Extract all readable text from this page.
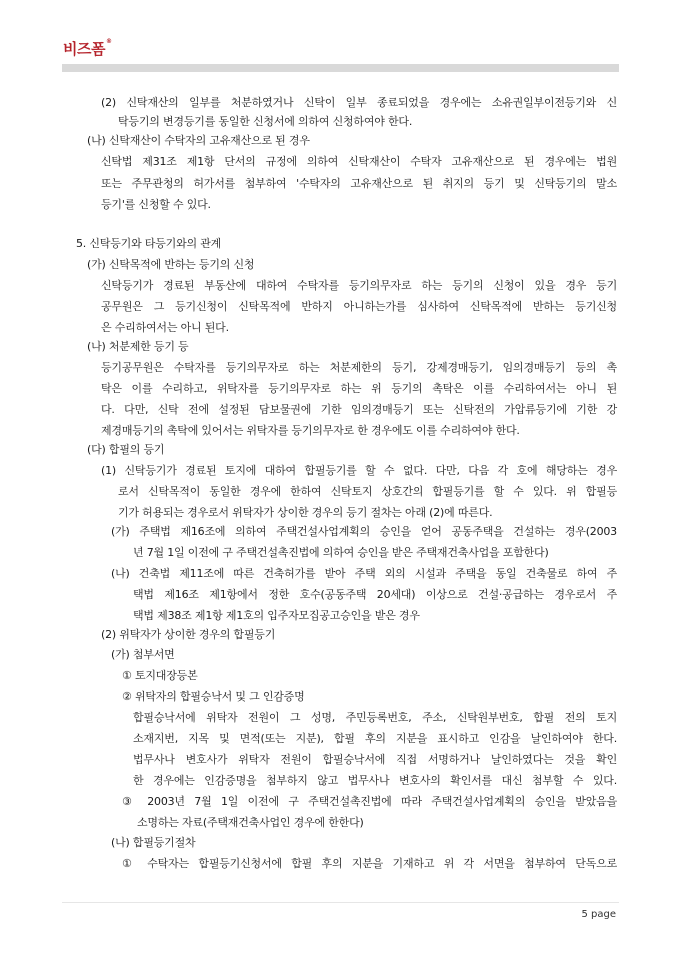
비즈폼®
(2) 신탁재산의 일부를 처분하였거나 신탁이 일부 종료되었을 경우에는 소유권일부이전등기와 신
탁등기의 변경등기를 동일한 신청서에 의하여 신청하여야 한다.
(나) 신탁재산이 수탁자의 고유재산으로 된 경우
신탁법 제31조 제1항 단서의 규정에 의하여 신탁재산이 수탁자 고유재산으로 된 경우에는 법원
또는 주무관청의 허가서를 첨부하여 '수탁자의 고유재산으로 된 취지의 등기 및 신탁등기의 말소
등기'를 신청할 수 있다.
5. 신탁등기와 타등기와의 관계
(가) 신탁목적에 반하는 등기의 신청
신탁등기가 경료된 부동산에 대하여 수탁자를 등기의무자로 하는 등기의 신청이 있을 경우 등기
공무원은 그 등기신청이 신탁목적에 반하지 아니하는가를 심사하여 신탁목적에 반하는 등기신청
은 수리하여서는 아니 된다.
(나) 처분제한 등기 등
등기공무원은 수탁자를 등기의무자로 하는 처분제한의 등기, 강제경매등기, 임의경매등기 등의 촉
탁은 이를 수리하고, 위탁자를 등기의무자로 하는 위 등기의 촉탁은 이를 수리하여서는 아니 된
다. 다만, 신탁 전에 설정된 담보물권에 기한 임의경매등기 또는 신탁전의 가압류등기에 기한 강
제경매등기의 촉탁에 있어서는 위탁자를 등기의무자로 한 경우에도 이를 수리하여야 한다.
(다) 합필의 등기
(1) 신탁등기가 경료된 토지에 대하여 합필등기를 할 수 없다. 다만, 다음 각 호에 해당하는 경우
로서 신탁목적이 동일한 경우에 한하여 신탁토지 상호간의 합필등기를 할 수 있다. 위 합필등
기가 허용되는 경우로서 위탁자가 상이한 경우의 등기 절차는 아래 (2)에 따른다.
(가) 주택법 제16조에 의하여 주택건설사업계획의 승인을 얻어 공동주택을 건설하는 경우(2003
년 7월 1일 이전에 구 주택건설촉진법에 의하여 승인을 받은 주택재건축사업을 포함한다)
(나) 건축법 제11조에 따른 건축허가를 받아 주택 외의 시설과 주택을 동일 건축물로 하여 주
택법 제16조 제1항에서 정한 호수(공동주택 20세대) 이상으로 건설·공급하는 경우로서 주
택법 제38조 제1항 제1호의 입주자모집공고승인을 받은 경우
(2) 위탁자가 상이한 경우의 합필등기
(가) 첨부서면
① 토지대장등본
② 위탁자의 합필승낙서 및 그 인감증명
합필승낙서에 위탁자 전원이 그 성명, 주민등록번호, 주소, 신탁원부번호, 합필 전의 토지
소재지번, 지목 및 면적(또는 지분), 합필 후의 지분을 표시하고 인감을 날인하여야 한다.
법무사나 변호사가 위탁자 전원이 합필승낙서에 직접 서명하거나 날인하였다는 것을 확인
한 경우에는 인감증명을 첨부하지 않고 법무사나 변호사의 확인서를 대신 첨부할 수 있다.
③ 2003년 7월 1일 이전에 구 주택건설촉진법에 따라 주택건설사업계획의 승인을 받았음을
소명하는 자료(주택재건축사업인 경우에 한한다)
(나) 합필등기절차
① 수탁자는 합필등기신청서에 합필 후의 지분을 기재하고 위 각 서면을 첨부하여 단독으로
5 page
